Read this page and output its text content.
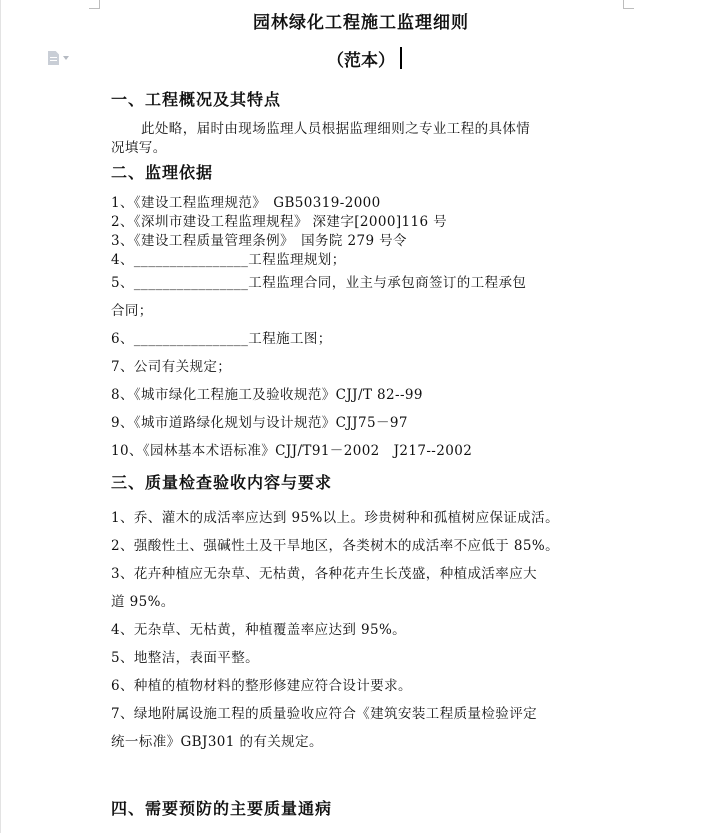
园林绿化工程施工监理细则
（范本）
一、工程概况及其特点
此处略，届时由现场监理人员根据监理细则之专业工程的具体情
况填写。
二、监理依据
1、《建设工程监理规范》　GB50319-2000
2、《深圳市建设工程监理规程》 深建字[2000]116 号
3、《建设工程质量管理条例》　国务院 279 号令
4、________________工程监理规划；
5、________________工程监理合同，业主与承包商签订的工程承包
合同；
6、________________工程施工图；
7、公司有关规定；
8、《城市绿化工程施工及验收规范》CJJ/T 82--99
9、《城市道路绿化规划与设计规范》CJJ75－97
10、《园林基本术语标准》CJJ/T91－2002　J217--2002
三、质量检查验收内容与要求
1、乔、灌木的成活率应达到 95%以上。珍贵树种和孤植树应保证成活。
2、强酸性土、强碱性土及干旱地区，各类树木的成活率不应低于 85%。
3、花卉种植应无杂草、无枯黄，各种花卉生长茂盛，种植成活率应大
道 95%。
4、无杂草、无枯黄，种植覆盖率应达到 95%。
5、地整洁，表面平整。
6、种植的植物材料的整形修建应符合设计要求。
7、绿地附属设施工程的质量验收应符合《建筑安装工程质量检验评定
统一标准》GBJ301 的有关规定。
四、需要预防的主要质量通病
